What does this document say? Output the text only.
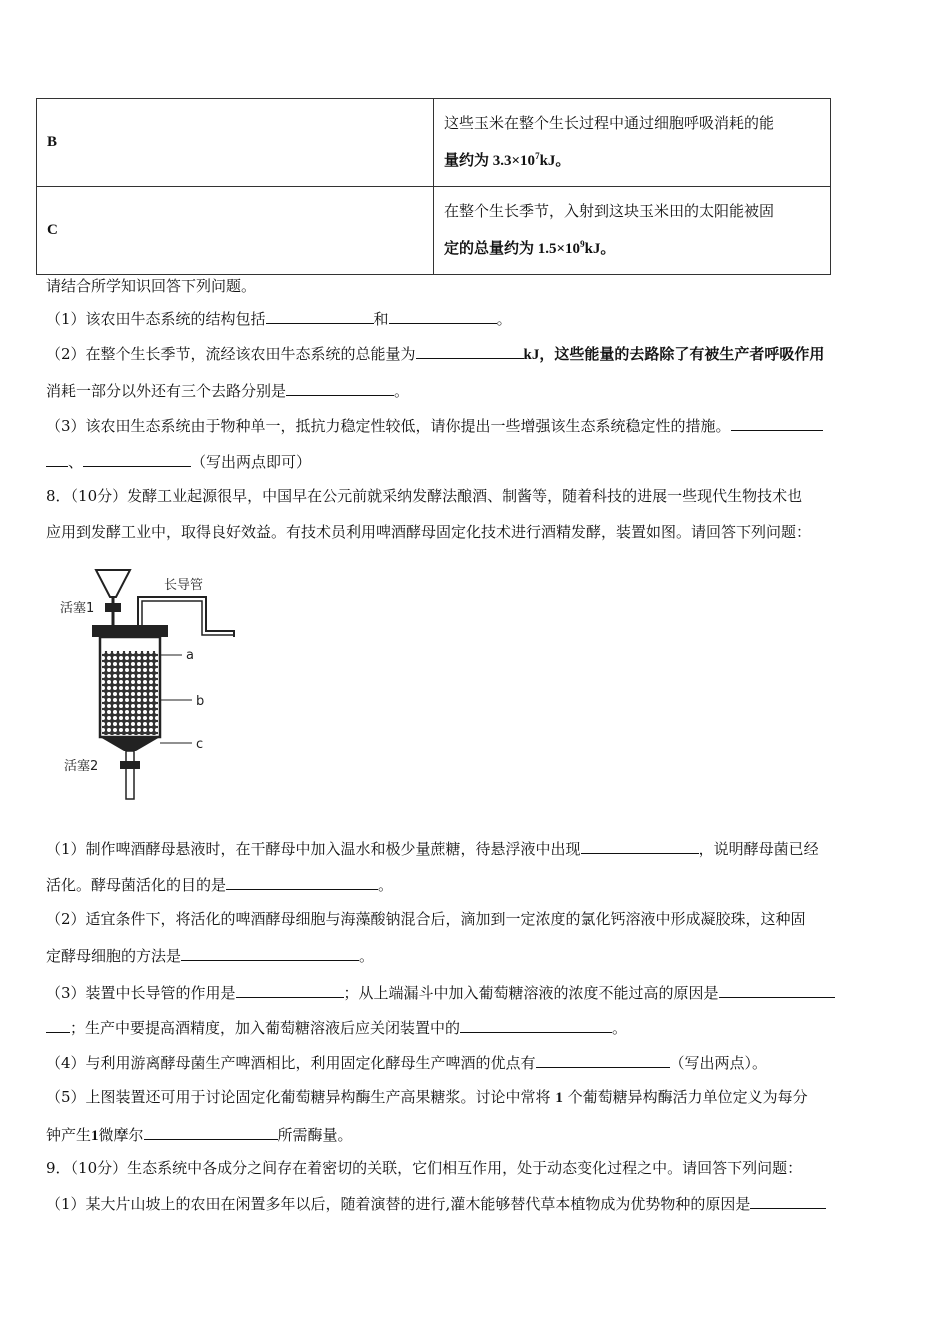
B	这些玉米在整个生长过程中通过细胞呼吸消耗的能
量约为 $3.3\times 10^7kJ$。
C	在整个生长季节，入射到这块玉米田的太阳能被固
定的总量约为 $1.5\times 10^9kJ$。
请结合所学知识回答下列问题。
（1）该农田牛态系统的结构包括	和	。
（2）在整个生长季节，流经该农田牛态系统的总能量为	kJ，这些能量的去路除了有被生产者呼吸作用
消耗一部分以外还有三个去路分别是	。
（3）该农田生态系统由于物种单一，抵抗力稳定性较低，请你提出一些增强该生态系统稳定性的措施。
、	（写出两点即可）
8．（10分）发酵工业起源很早，中国早在公元前就采纳发酵法酿酒、制酱等，随着科技的进展一些现代生物技术也
应用到发酵工业中，取得良好效益。有技术员利用啤酒酵母固定化技术进行酒精发酵，装置如图。请回答下列问题：
活塞1
长导管
a
b
c
活塞2
（1）制作啤酒酵母悬液时，在干酵母中加入温水和极少量蔗糖，待悬浮液中出现	，说明酵母菌已经
活化。酵母菌活化的目的是	。
（2）适宜条件下，将活化的啤酒酵母细胞与海藻酸钠混合后，滴加到一定浓度的氯化钙溶液中形成凝胶珠，这种固
定酵母细胞的方法是	。
（3）装置中长导管的作用是	；从上端漏斗中加入葡萄糖溶液的浓度不能过高的原因是
；生产中要提高酒精度，加入葡萄糖溶液后应关闭装置中的	。
（4）与利用游离酵母菌生产啤酒相比，利用固定化酵母生产啤酒的优点有	（写出两点）。
（5）上图装置还可用于讨论固定化葡萄糖异构酶生产高果糖浆。讨论中常将 1 个葡萄糖异构酶活力单位定义为每分
钟产生1微摩尔	所需酶量。
9．（10分）生态系统中各成分之间存在着密切的关联，它们相互作用，处于动态变化过程之中。请回答下列问题：
（1）某大片山坡上的农田在闲置多年以后，随着演替的进行,灌木能够替代草本植物成为优势物种的原因是
